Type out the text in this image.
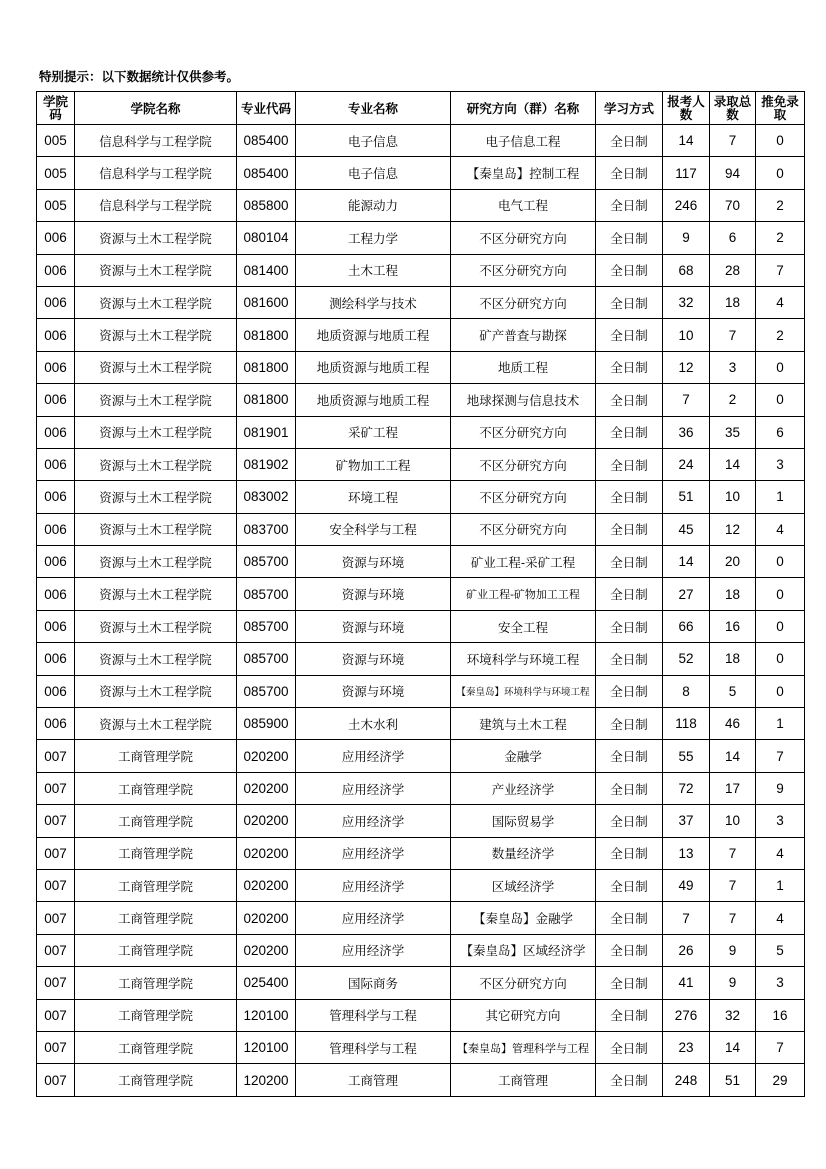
特别提示：以下数据统计仅供参考。
学院码	学院名称	专业代码	专业名称	研究方向（群）名称	学习方式	报考人数	录取总数	推免录取
005	信息科学与工程学院	085400	电子信息	电子信息工程	全日制	14	7	0
005	信息科学与工程学院	085400	电子信息	【秦皇岛】控制工程	全日制	117	94	0
005	信息科学与工程学院	085800	能源动力	电气工程	全日制	246	70	2
006	资源与土木工程学院	080104	工程力学	不区分研究方向	全日制	9	6	2
006	资源与土木工程学院	081400	土木工程	不区分研究方向	全日制	68	28	7
006	资源与土木工程学院	081600	测绘科学与技术	不区分研究方向	全日制	32	18	4
006	资源与土木工程学院	081800	地质资源与地质工程	矿产普查与勘探	全日制	10	7	2
006	资源与土木工程学院	081800	地质资源与地质工程	地质工程	全日制	12	3	0
006	资源与土木工程学院	081800	地质资源与地质工程	地球探测与信息技术	全日制	7	2	0
006	资源与土木工程学院	081901	采矿工程	不区分研究方向	全日制	36	35	6
006	资源与土木工程学院	081902	矿物加工工程	不区分研究方向	全日制	24	14	3
006	资源与土木工程学院	083002	环境工程	不区分研究方向	全日制	51	10	1
006	资源与土木工程学院	083700	安全科学与工程	不区分研究方向	全日制	45	12	4
006	资源与土木工程学院	085700	资源与环境	矿业工程-采矿工程	全日制	14	20	0
006	资源与土木工程学院	085700	资源与环境	矿业工程-矿物加工工程	全日制	27	18	0
006	资源与土木工程学院	085700	资源与环境	安全工程	全日制	66	16	0
006	资源与土木工程学院	085700	资源与环境	环境科学与环境工程	全日制	52	18	0
006	资源与土木工程学院	085700	资源与环境	【秦皇岛】环境科学与环境工程	全日制	8	5	0
006	资源与土木工程学院	085900	土木水利	建筑与土木工程	全日制	118	46	1
007	工商管理学院	020200	应用经济学	金融学	全日制	55	14	7
007	工商管理学院	020200	应用经济学	产业经济学	全日制	72	17	9
007	工商管理学院	020200	应用经济学	国际贸易学	全日制	37	10	3
007	工商管理学院	020200	应用经济学	数量经济学	全日制	13	7	4
007	工商管理学院	020200	应用经济学	区域经济学	全日制	49	7	1
007	工商管理学院	020200	应用经济学	【秦皇岛】金融学	全日制	7	7	4
007	工商管理学院	020200	应用经济学	【秦皇岛】区域经济学	全日制	26	9	5
007	工商管理学院	025400	国际商务	不区分研究方向	全日制	41	9	3
007	工商管理学院	120100	管理科学与工程	其它研究方向	全日制	276	32	16
007	工商管理学院	120100	管理科学与工程	【秦皇岛】管理科学与工程	全日制	23	14	7
007	工商管理学院	120200	工商管理	工商管理	全日制	248	51	29
